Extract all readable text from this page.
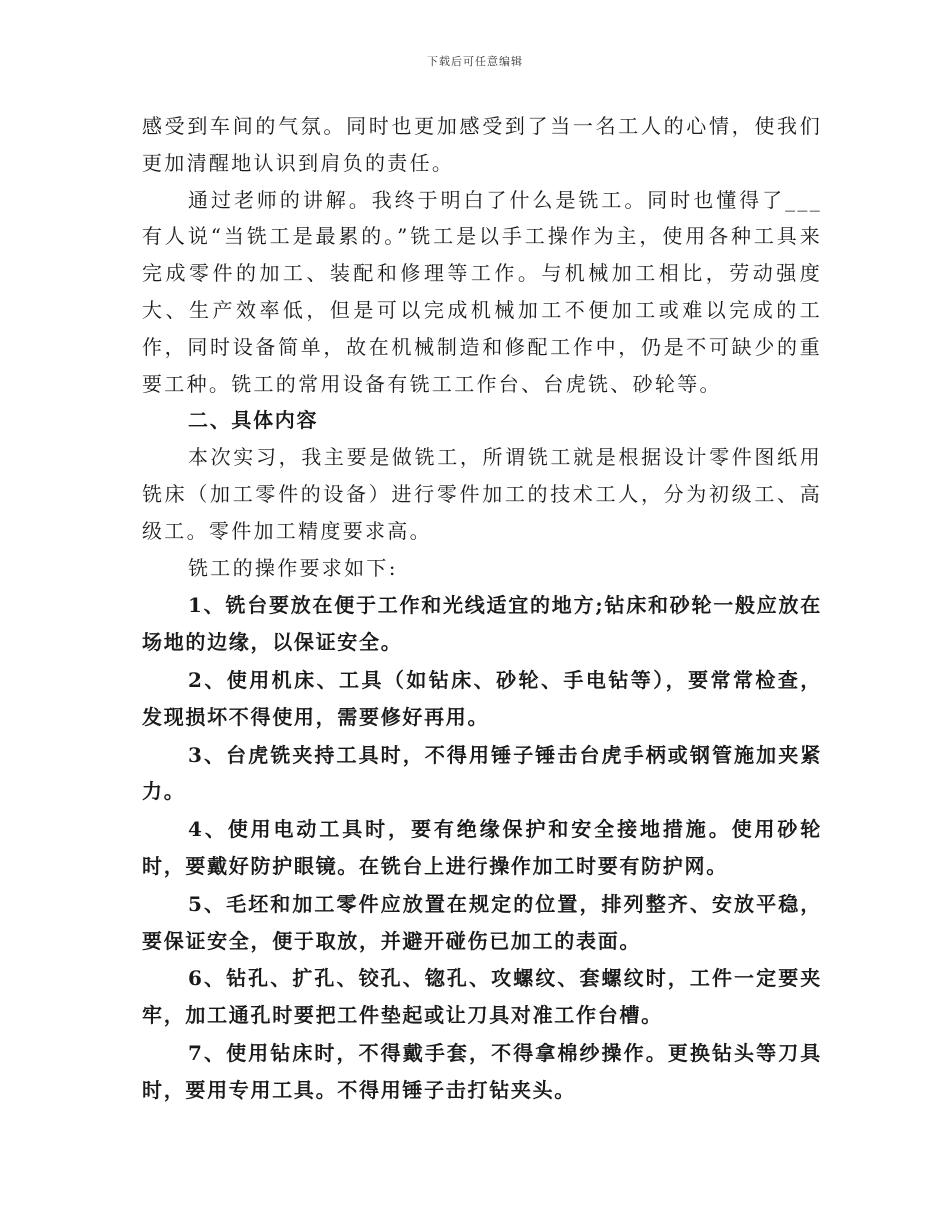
下载后可任意编辑

感受到车间的气氛。同时也更加感受到了当一名工人的心情，使我们更加清醒地认识到肩负的责任。

通过老师的讲解。我终于明白了什么是铣工。同时也懂得了___有人说“当铣工是最累的。”铣工是以手工操作为主，使用各种工具来完成零件的加工、装配和修理等工作。与机械加工相比，劳动强度大、生产效率低，但是可以完成机械加工不便加工或难以完成的工作，同时设备简单，故在机械制造和修配工作中，仍是不可缺少的重要工种。铣工的常用设备有铣工工作台、台虎铣、砂轮等。

二、具体内容

本次实习，我主要是做铣工，所谓铣工就是根据设计零件图纸用铣床（加工零件的设备）进行零件加工的技术工人，分为初级工、高级工。零件加工精度要求高。

铣工的操作要求如下:

1、铣台要放在便于工作和光线适宜的地方;钻床和砂轮一般应放在场地的边缘，以保证安全。

2、使用机床、工具（如钻床、砂轮、手电钻等），要常常检查，发现损坏不得使用，需要修好再用。

3、台虎铣夹持工具时，不得用锤子锤击台虎手柄或钢管施加夹紧力。

4、使用电动工具时，要有绝缘保护和安全接地措施。使用砂轮时，要戴好防护眼镜。在铣台上进行操作加工时要有防护网。

5、毛坯和加工零件应放置在规定的位置，排列整齐、安放平稳，要保证安全，便于取放，并避开碰伤已加工的表面。

6、钻孔、扩孔、铰孔、锪孔、攻螺纹、套螺纹时，工件一定要夹牢，加工通孔时要把工件垫起或让刀具对准工作台槽。

7、使用钻床时，不得戴手套，不得拿棉纱操作。更换钻头等刀具时，要用专用工具。不得用锤子击打钻夹头。
